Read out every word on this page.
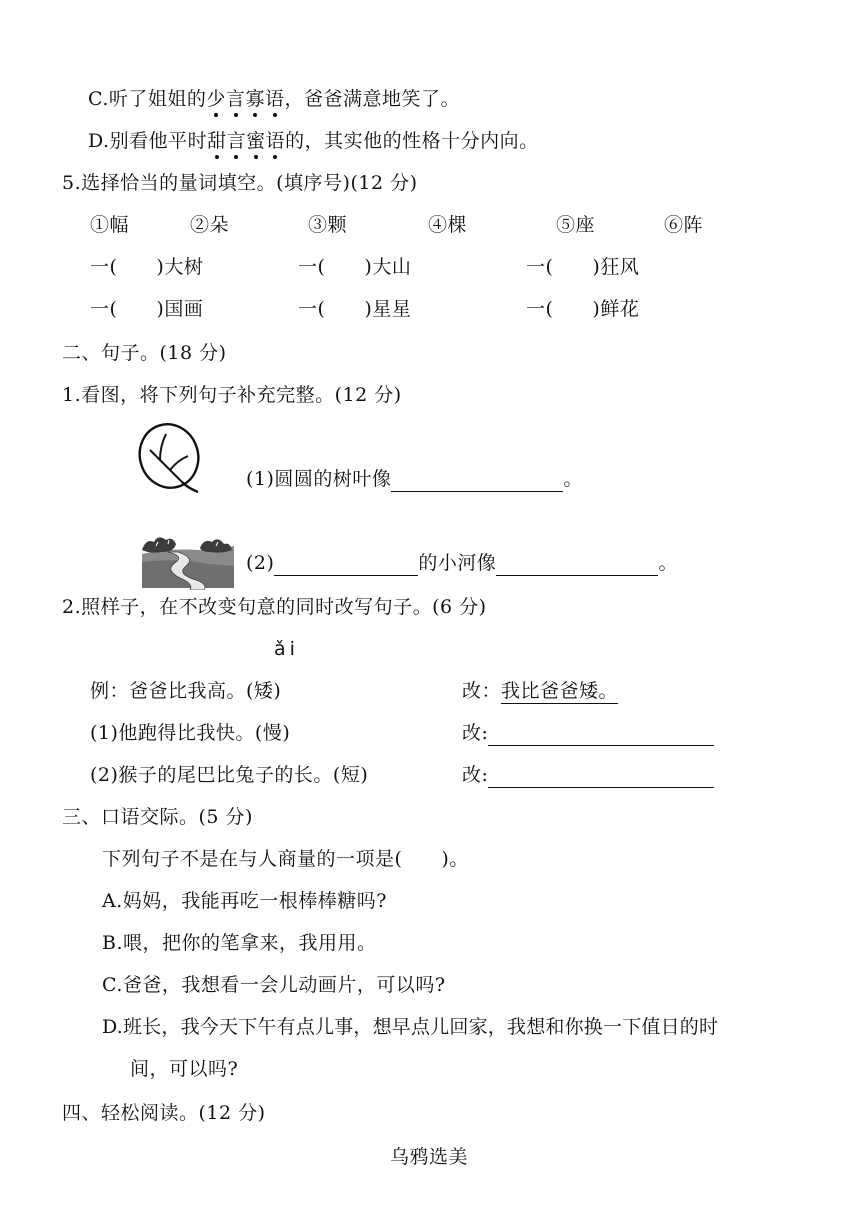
C.听了姐姐的少
言
寡
语
，爸爸满意地笑了。
D.别看他平时甜
言
蜜
语
的，其实他的性格十分内向。
5.选择恰当的量词填空。(填序号)(12 分)
①幅	②朵	③颗	④棵	⑤座	⑥阵
一(　　)大树	一(　　)大山	一(　　)狂风
一(　　)国画	一(　　)星星	一(　　)鲜花
二、句子。(18 分)
1.看图，将下列句子补充完整。(12 分)
(1)圆圆的树叶像	。
(2)	的小河像	。
2.照样子，在不改变句意的同时改写句子。(6 分)
ǎi
例：爸爸比我高。(矮)	改：我比爸爸矮。
(1)他跑得比我快。(慢)	改:
(2)猴子的尾巴比兔子的长。(短)	改:
三、口语交际。(5 分)
下列句子不是在与人商量的一项是(　　)。
A.妈妈，我能再吃一根棒棒糖吗?
B.喂，把你的笔拿来，我用用。
C.爸爸，我想看一会儿动画片，可以吗?
D.班长，我今天下午有点儿事，想早点儿回家，我想和你换一下值日的时
间，可以吗?
四、轻松阅读。(12 分)
乌鸦选美
